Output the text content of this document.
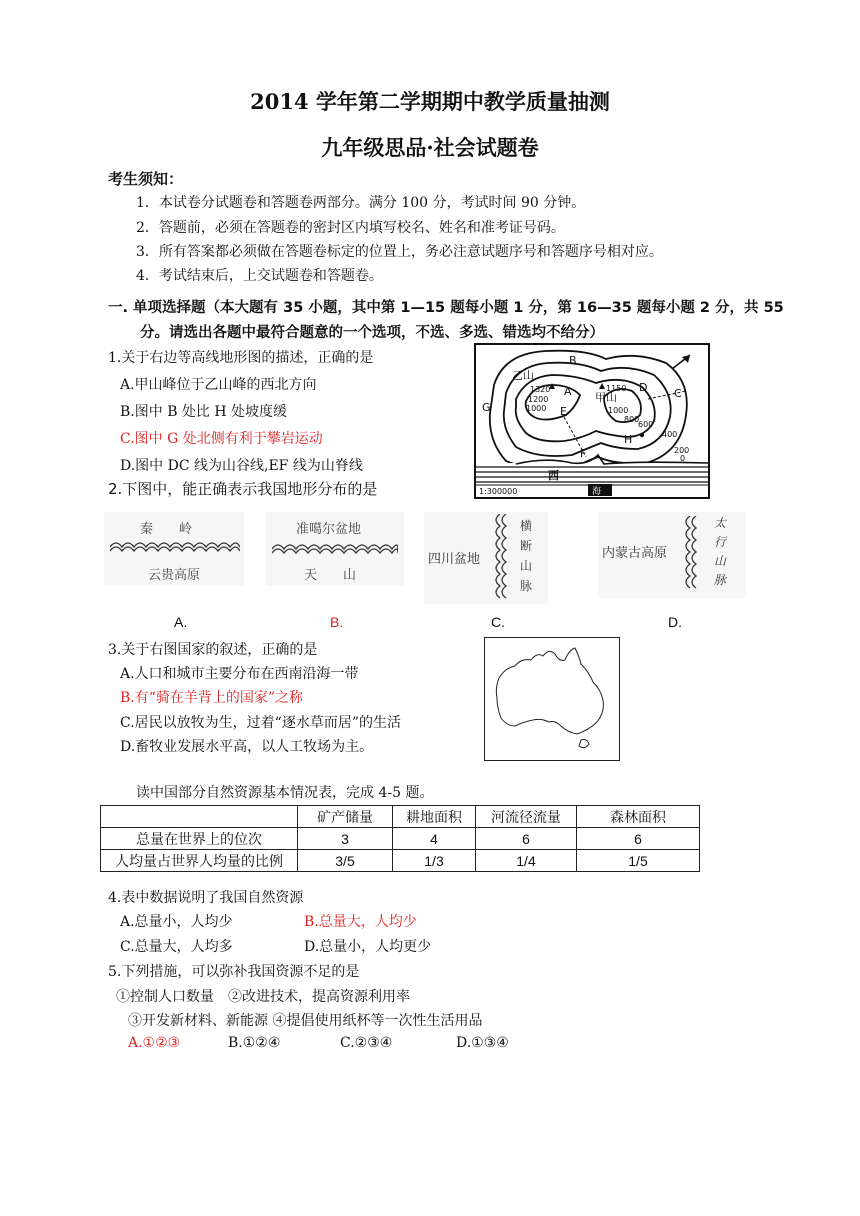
2014 学年第二学期期中教学质量抽测
九年级思品·社会试题卷
考生须知：
1．本试卷分试题卷和答题卷两部分。满分 100 分，考试时间 90 分钟。
2．答题前，必须在答题卷的密封区内填写校名、姓名和准考证号码。
3．所有答案都必须做在答题卷标定的位置上，务必注意试题序号和答题序号相对应。
4．考试结束后，上交试题卷和答题卷。
一. 单项选择题（本大题有 35 小题，其中第 1—15 题每小题 1 分，第 16—35 题每小题 2 分，共 55
分。请选出各题中最符合题意的一个选项，不选、多选、错选均不给分）
1.关于右边等高线地形图的描述，正确的是
A.甲山峰位于乙山峰的西北方向
B.图中 B 处比 H 处坡度缓
C.图中 G 处北侧有利于攀岩运动
D.图中 DC 线为山谷线,EF 线为山脊线
乙山
甲山
A
B
C
D
E
F
G
H
西
1320
1200
1000
1150
1000
800
600
400
200
0
1:300000	海
2.下图中，能正确表示我国地形分布的是
秦　　岭
云贵高原
准噶尔盆地
天　　山
四川盆地
横
断
山
脉
内蒙古高原
太
行
山
脉
A.	B.	C.	D.
3.关于右图国家的叙述，正确的是
A.人口和城市主要分布在西南沿海一带
B.有“骑在羊背上的国家”之称
C.居民以放牧为生，过着“逐水草而居”的生活
D.畜牧业发展水平高，以人工牧场为主。
读中国部分自然资源基本情况表，完成 4-5 题。
	矿产储量	耕地面积	河流径流量	森林面积
总量在世界上的位次	3	4	6	6
人均量占世界人均量的比例	3/5	1/3	1/4	1/5
4.表中数据说明了我国自然资源
A.总量小，人均少	B.总量大，人均少
C.总量大，人均多	D.总量小，人均更少
5.下列措施，可以弥补我国资源不足的是
①控制人口数量　②改进技术，提高资源利用率
③开发新材料、新能源 ④提倡使用纸杯等一次性生活用品
A.①②③	B.①②④	C.②③④	D.①③④
